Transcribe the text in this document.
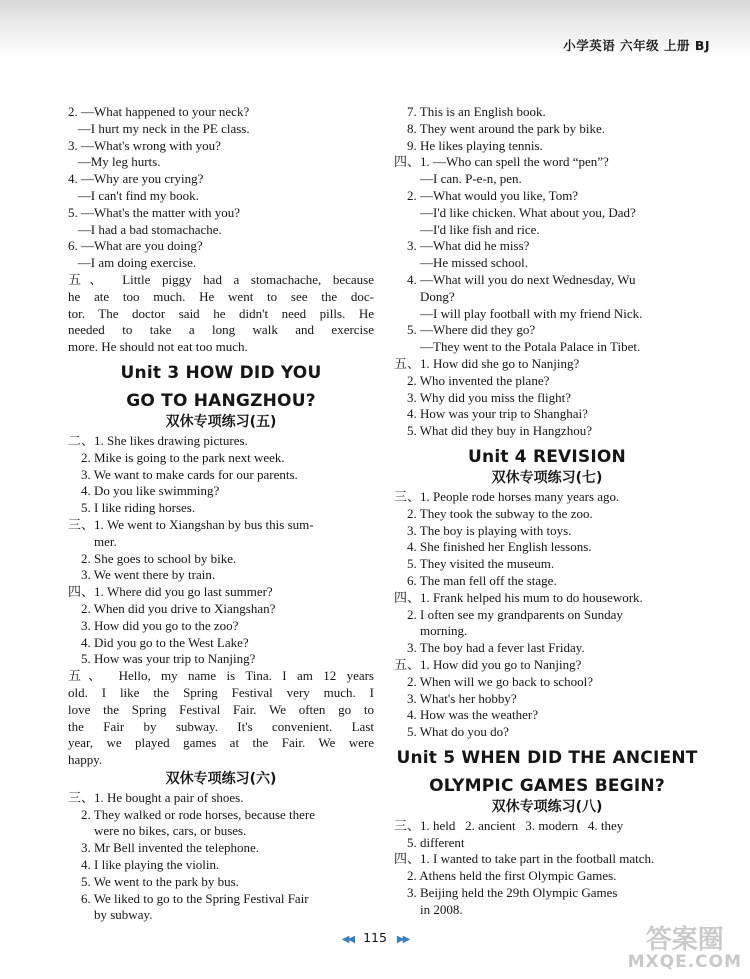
小学英语 六年级 上册 BJ
2. —What happened to your neck?
—I hurt my neck in the PE class.
3. —What's wrong with you?
—My leg hurts.
4. —Why are you crying?
—I can't find my book.
5. —What's the matter with you?
—I had a bad stomachache.
6. —What are you doing?
—I am doing exercise.
五、 Little piggy had a stomachache, because
he ate too much. He went to see the doc-
tor. The doctor said he didn't need pills. He
needed to take a long walk and exercise
more. He should not eat too much.
Unit 3 HOW DID YOU
GO TO HANGZHOU?
双休专项练习(五)
二、1. She likes drawing pictures.
2. Mike is going to the park next week.
3. We want to make cards for our parents.
4. Do you like swimming?
5. I like riding horses.
三、1. We went to Xiangshan by bus this sum-
mer.
2. She goes to school by bike.
3. We went there by train.
四、1. Where did you go last summer?
2. When did you drive to Xiangshan?
3. How did you go to the zoo?
4. Did you go to the West Lake?
5. How was your trip to Nanjing?
五、 Hello, my name is Tina. I am 12 years
old. I like the Spring Festival very much. I
love the Spring Festival Fair. We often go to
the Fair by subway. It's convenient. Last
year, we played games at the Fair. We were
happy.
双休专项练习(六)
三、1. He bought a pair of shoes.
2. They walked or rode horses, because there
were no bikes, cars, or buses.
3. Mr Bell invented the telephone.
4. I like playing the violin.
5. We went to the park by bus.
6. We liked to go to the Spring Festival Fair
by subway.
7. This is an English book.
8. They went around the park by bike.
9. He likes playing tennis.
四、1. —Who can spell the word “pen”?
—I can. P-e-n, pen.
2. —What would you like, Tom?
—I'd like chicken. What about you, Dad?
—I'd like fish and rice.
3. —What did he miss?
—He missed school.
4. —What will you do next Wednesday, Wu
Dong?
—I will play football with my friend Nick.
5. —Where did they go?
—They went to the Potala Palace in Tibet.
五、1. How did she go to Nanjing?
2. Who invented the plane?
3. Why did you miss the flight?
4. How was your trip to Shanghai?
5. What did they buy in Hangzhou?
Unit 4 REVISION
双休专项练习(七)
三、1. People rode horses many years ago.
2. They took the subway to the zoo.
3. The boy is playing with toys.
4. She finished her English lessons.
5. They visited the museum.
6. The man fell off the stage.
四、1. Frank helped his mum to do housework.
2. I often see my grandparents on Sunday
morning.
3. The boy had a fever last Friday.
五、1. How did you go to Nanjing?
2. When will we go back to school?
3. What's her hobby?
4. How was the weather?
5. What do you do?
Unit 5 WHEN DID THE ANCIENT
OLYMPIC GAMES BEGIN?
双休专项练习(八)
三、1. held   2. ancient   3. modern   4. they
5. different
四、1. I wanted to take part in the football match.
2. Athens held the first Olympic Games.
3. Beijing held the 29th Olympic Games
in 2008.
◀◀ 115 ▶▶	答案圈
MXQE.COM
